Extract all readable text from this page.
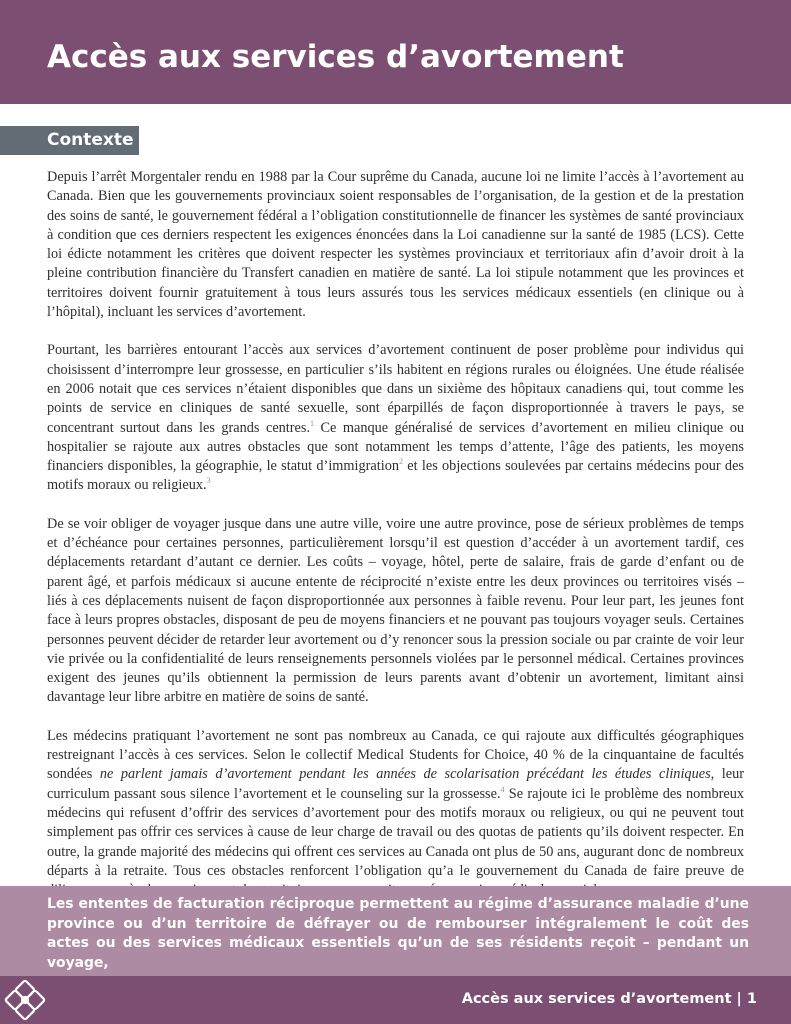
Accès aux services d’avortement
Contexte

Depuis l’arrêt Morgentaler rendu en 1988 par la Cour suprême du Canada, aucune loi ne limite l’accès à l’avortement au Canada. Bien que les gouvernements provinciaux soient responsables de l’organisation, de la gestion et de la prestation des soins de santé, le gouvernement fédéral a l’obligation constitutionnelle de financer les systèmes de santé provinciaux à condition que ces derniers respectent les exigences énoncées dans la Loi canadienne sur la santé de 1985 (LCS). Cette loi édicte notamment les critères que doivent respecter les systèmes provinciaux et territoriaux afin d’avoir droit à la pleine contribution financière du Transfert canadien en matière de santé. La loi stipule notamment que les provinces et territoires doivent fournir gratuitement à tous leurs assurés tous les services médicaux essentiels (en clinique ou à l’hôpital), incluant les services d’avortement.

Pourtant, les barrières entourant l’accès aux services d’avortement continuent de poser problème pour individus qui choisissent d’interrompre leur grossesse, en particulier s’ils habitent en régions rurales ou éloignées. Une étude réalisée en 2006 notait que ces services n’étaient disponibles que dans un sixième des hôpitaux canadiens qui, tout comme les points de service en cliniques de santé sexuelle, sont éparpillés de façon disproportionnée à travers le pays, se concentrant surtout dans les grands centres.$^1$ Ce manque généralisé de services d’avortement en milieu clinique ou hospitalier se rajoute aux autres obstacles que sont notamment les temps d’attente, l’âge des patients, les moyens financiers disponibles, la géographie, le statut d’immigration$^2$ et les objections soulevées par certains médecins pour des motifs moraux ou religieux.$^3$

De se voir obliger de voyager jusque dans une autre ville, voire une autre province, pose de sérieux problèmes de temps et d’échéance pour certaines personnes, particulièrement lorsqu’il est question d’accéder à un avortement tardif, ces déplacements retardant d’autant ce dernier. Les coûts – voyage, hôtel, perte de salaire, frais de garde d’enfant ou de parent âgé, et parfois médicaux si aucune entente de réciprocité n’existe entre les deux provinces ou territoires visés – liés à ces déplacements nuisent de façon disproportionnée aux personnes à faible revenu. Pour leur part, les jeunes font face à leurs propres obstacles, disposant de peu de moyens financiers et ne pouvant pas toujours voyager seuls. Certaines personnes peuvent décider de retarder leur avortement ou d’y renoncer sous la pression sociale ou par crainte de voir leur vie privée ou la confidentialité de leurs renseignements personnels violées par le personnel médical. Certaines provinces exigent des jeunes qu’ils obtiennent la permission de leurs parents avant d’obtenir un avortement, limitant ainsi davantage leur libre arbitre en matière de soins de santé.

Les médecins pratiquant l’avortement ne sont pas nombreux au Canada, ce qui rajoute aux difficultés géographiques restreignant l’accès à ces services. Selon le collectif Medical Students for Choice, 40 % de la cinquantaine de facultés sondées ne parlent jamais d’avortement pendant les années de scolarisation précédant les études cliniques, leur curriculum passant sous silence l’avortement et le counseling sur la grossesse.$^4$ Se rajoute ici le problème des nombreux médecins qui refusent d’offrir des services d’avortement pour des motifs moraux ou religieux, ou qui ne peuvent tout simplement pas offrir ces services à cause de leur charge de travail ou des quotas de patients qu’ils doivent respecter. En outre, la grande majorité des médecins qui offrent ces services au Canada ont plus de 50 ans, augurant donc de nombreux départs à la retraite. Tous ces obstacles renforcent l’obligation qu’a le gouvernement du Canada de faire preuve de

Les ententes de facturation réciproque permettent au régime d’assurance maladie d’une province ou d’un territoire de défrayer ou de rembourser intégralement le coût des actes ou des services médicaux essentiels qu’un de ses résidents reçoit – pendant un voyage,

Accès aux services d’avortement | 1
